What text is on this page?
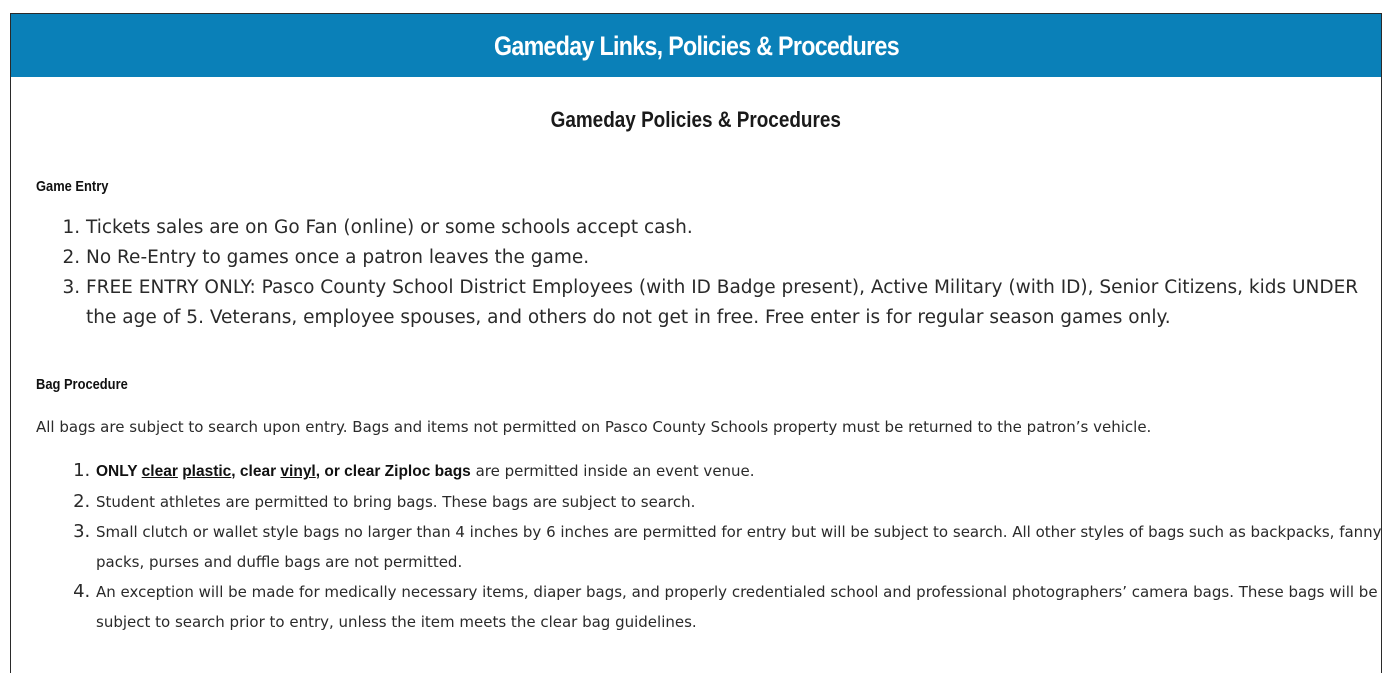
Gameday Links, Policies & Procedures
Gameday Policies & Procedures
Game Entry
1. Tickets sales are on Go Fan (online) or some schools accept cash.
2. No Re-Entry to games once a patron leaves the game.
3. FREE ENTRY ONLY: Pasco County School District Employees (with ID Badge present), Active Military (with ID), Senior Citizens, kids UNDER the age of 5. Veterans, employee spouses, and others do not get in free. Free enter is for regular season games only.
Bag Procedure

All bags are subject to search upon entry. Bags and items not permitted on Pasco County Schools property must be returned to the patron’s vehicle.

1. ONLY clear plastic, clear vinyl, or clear Ziploc bags are permitted inside an event venue.
2. Student athletes are permitted to bring bags. These bags are subject to search.
3. Small clutch or wallet style bags no larger than 4 inches by 6 inches are permitted for entry but will be subject to search. All other styles of bags such as backpacks, fanny packs, purses and duffle bags are not permitted.
4. An exception will be made for medically necessary items, diaper bags, and properly credentialed school and professional photographers’ camera bags. These bags will be subject to search prior to entry, unless the item meets the clear bag guidelines.
